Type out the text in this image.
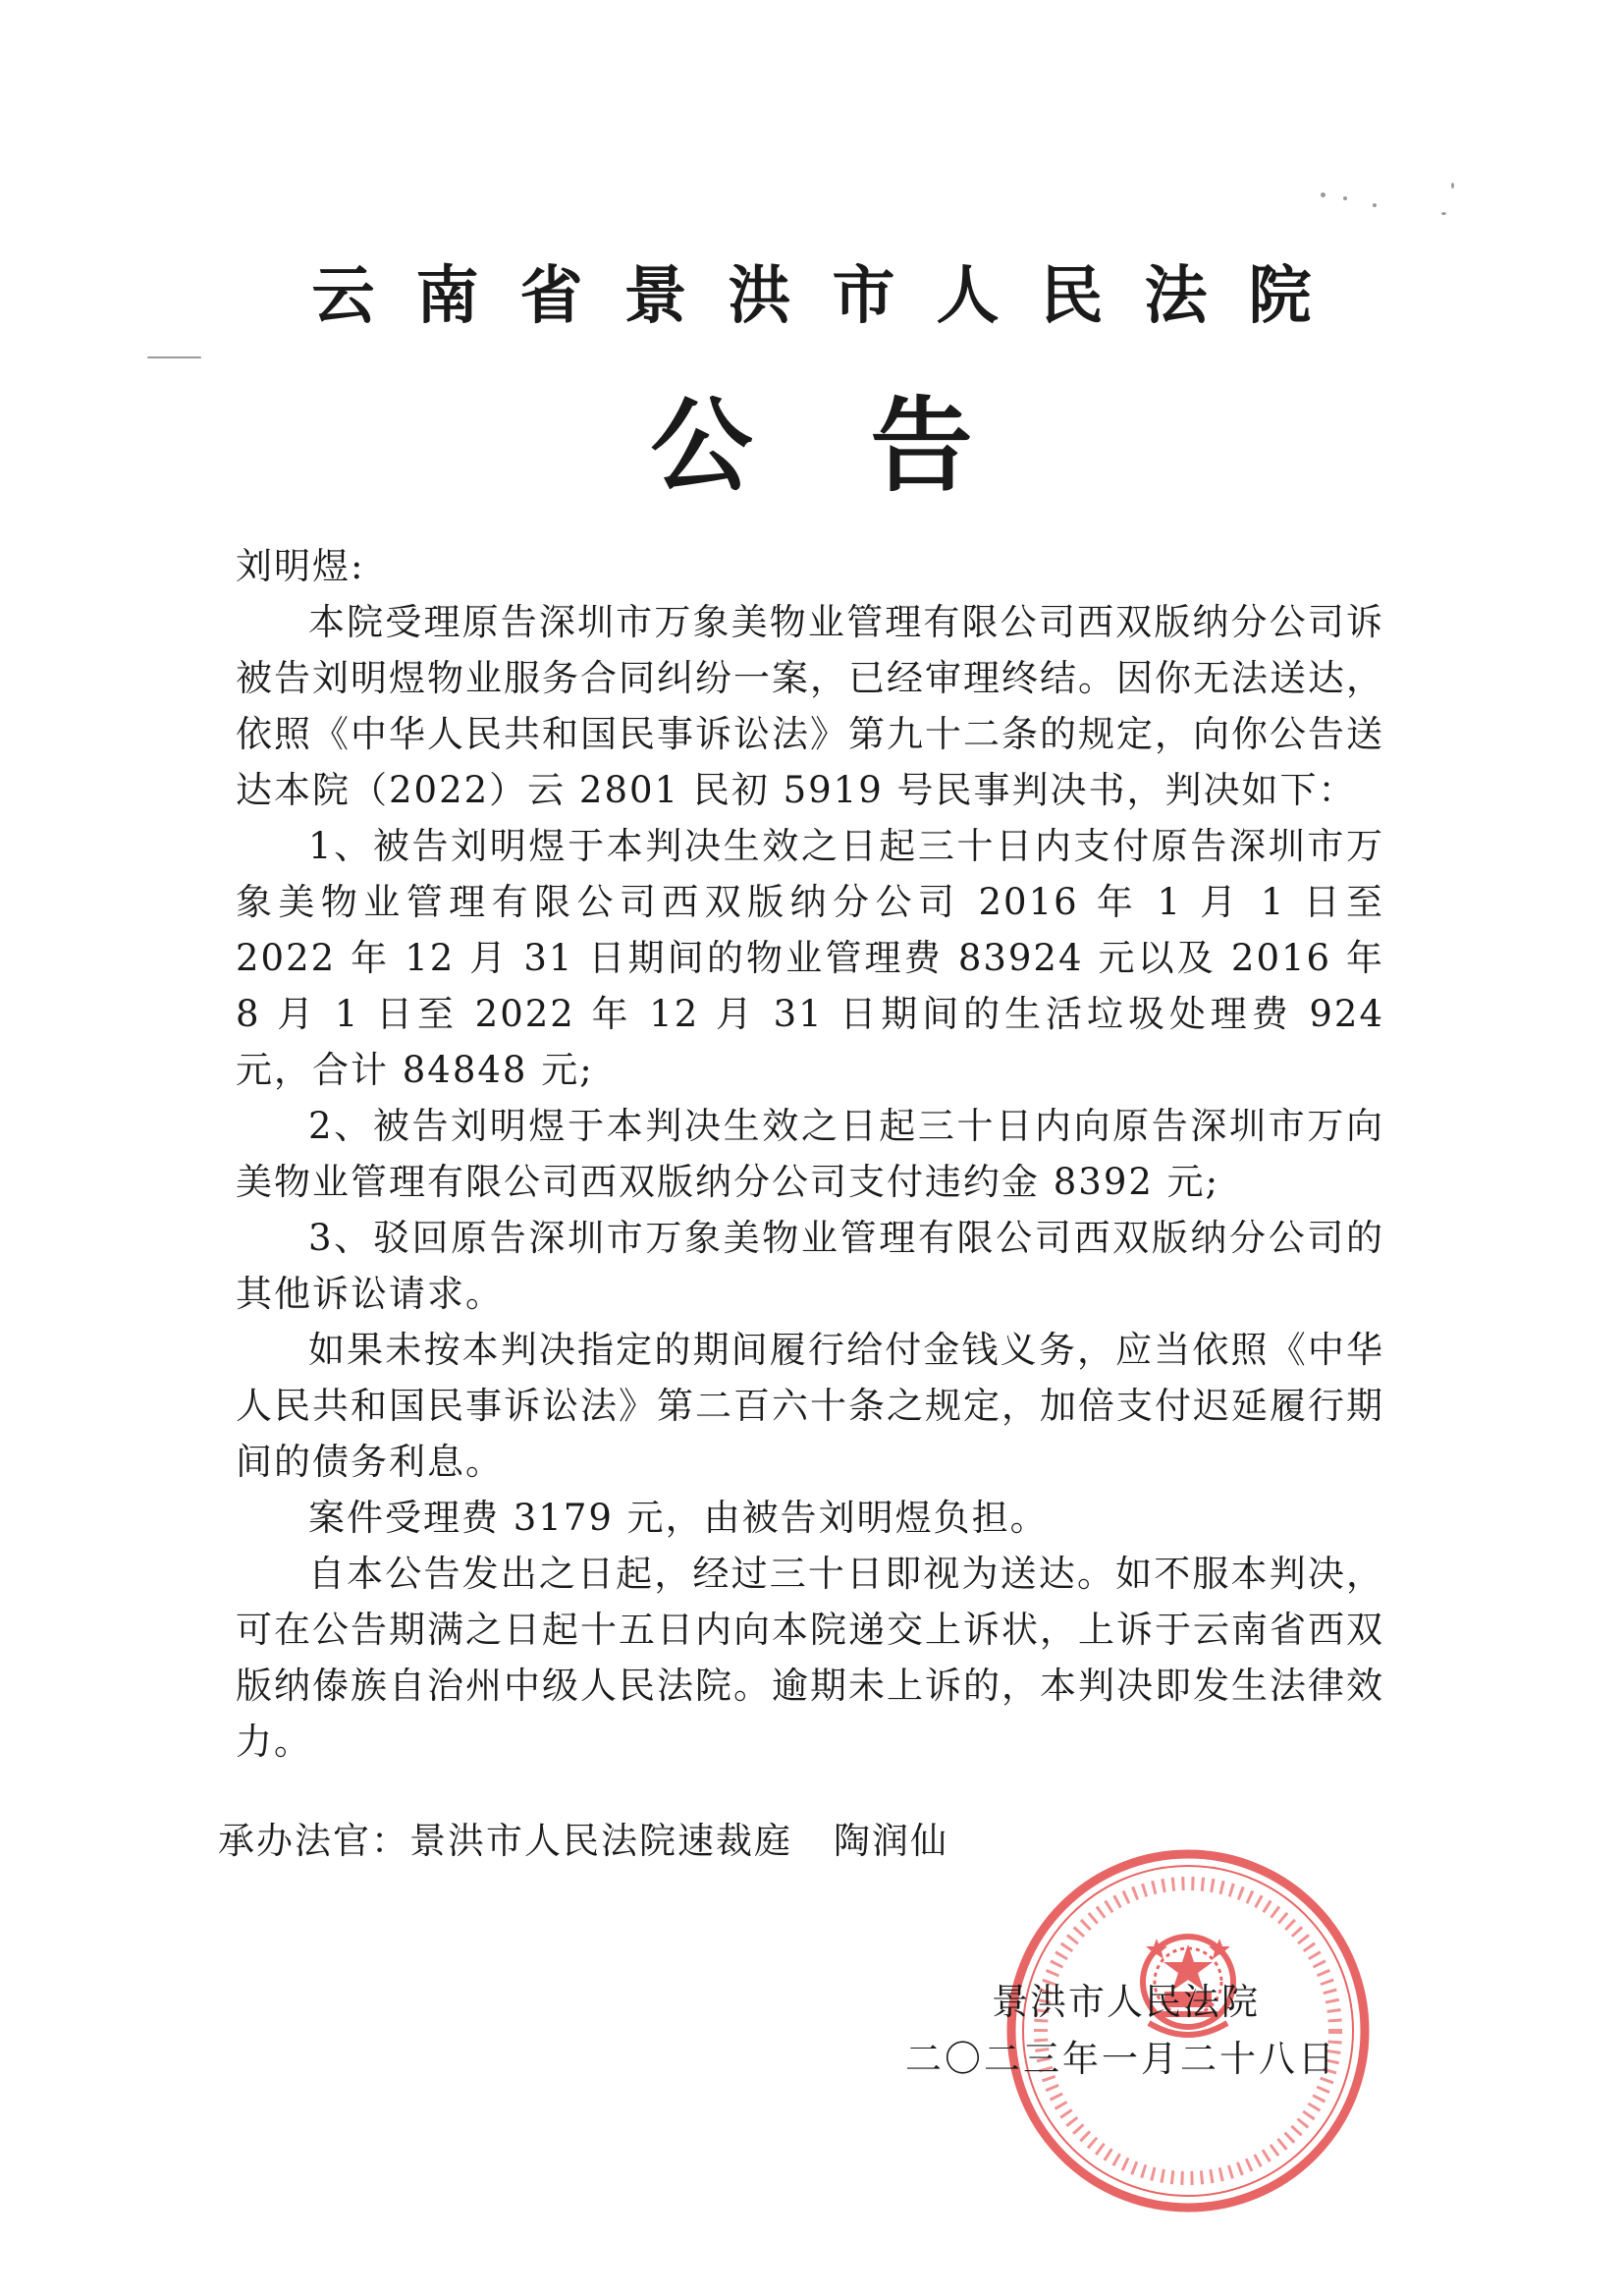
云南省景洪市人民法院
公告

刘明煜:

本院受理原告深圳市万象美物业管理有限公司西双版纳分公司诉被告刘明煜物业服务合同纠纷一案，已经审理终结。因你无法送达，依照《中华人民共和国民事诉讼法》第九十二条的规定，向你公告送达本院（2022）云 2801 民初 5919 号民事判决书，判决如下：

1、被告刘明煜于本判决生效之日起三十日内支付原告深圳市万象美物业管理有限公司西双版纳分公司 2016 年 1 月 1 日至 2022 年 12 月 31 日期间的物业管理费 83924 元以及 2016 年 8 月 1 日至 2022 年 12 月 31 日期间的生活垃圾处理费 924 元，合计 84848 元;

2、被告刘明煜于本判决生效之日起三十日内向原告深圳市万向美物业管理有限公司西双版纳分公司支付违约金 8392 元;

3、驳回原告深圳市万象美物业管理有限公司西双版纳分公司的其他诉讼请求。

如果未按本判决指定的期间履行给付金钱义务，应当依照《中华人民共和国民事诉讼法》第二百六十条之规定，加倍支付迟延履行期间的债务利息。

案件受理费 3179 元，由被告刘明煜负担。

自本公告发出之日起，经过三十日即视为送达。如不服本判决，可在公告期满之日起十五日内向本院递交上诉状，上诉于云南省西双版纳傣族自治州中级人民法院。逾期未上诉的，本判决即发生法律效力。

承办法官：景洪市人民法院速裁庭 陶润仙
景洪市人民法院
二〇二三年一月二十八日
